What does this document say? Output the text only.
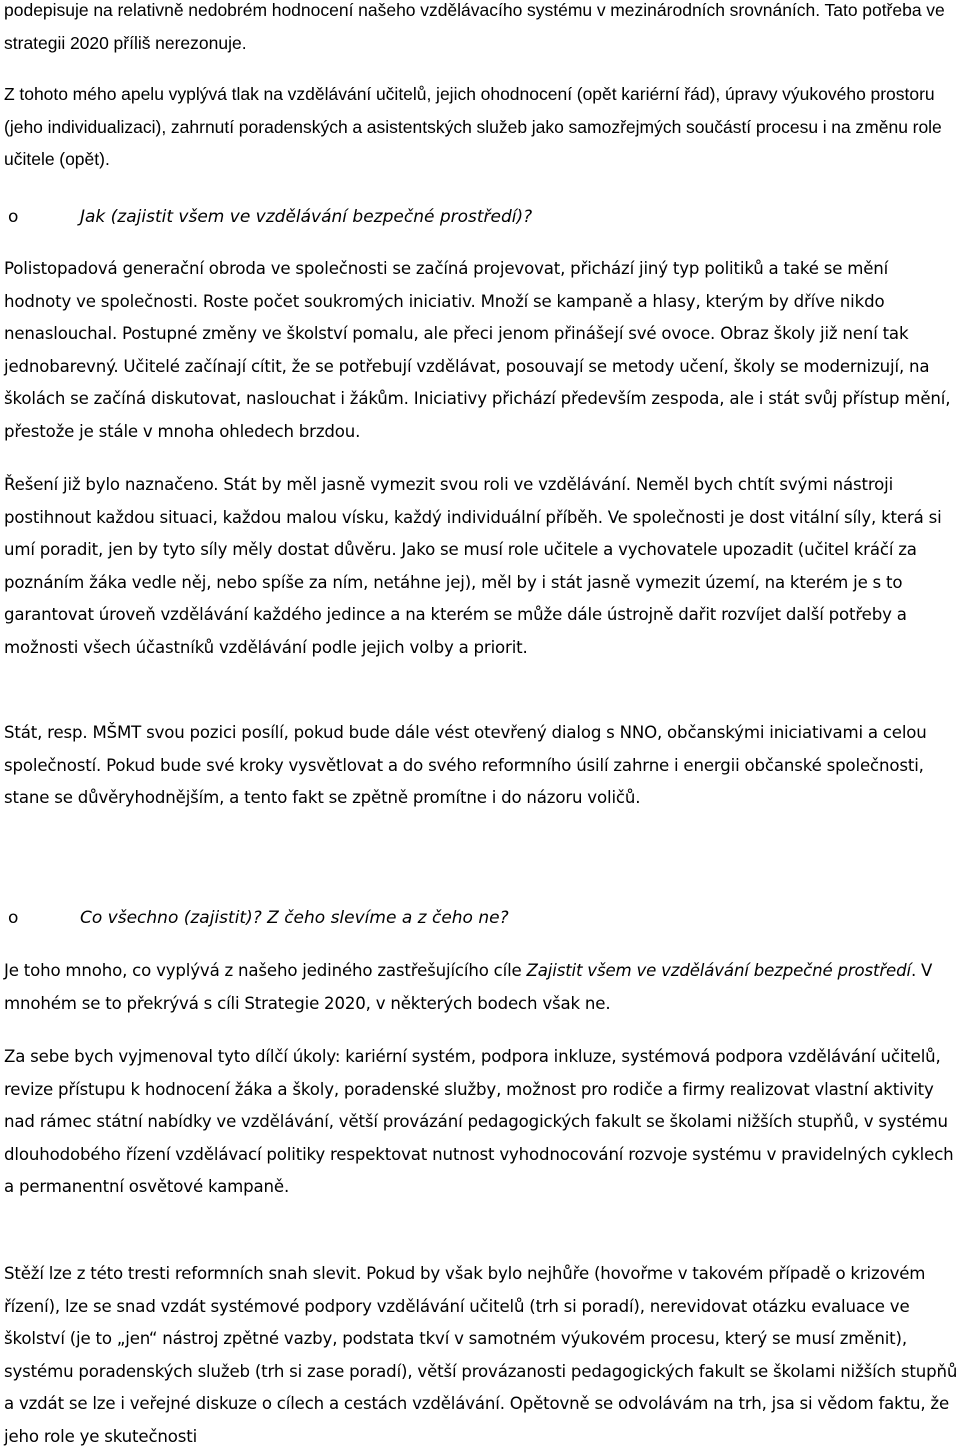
podepisuje na relativně nedobrém hodnocení našeho vzdělávacího systému v mezinárodních srovnáních. Tato potřeba ve strategii 2020 příliš nerezonuje.

Z tohoto mého apelu vyplývá tlak na vzdělávání učitelů, jejich ohodnocení (opět kariérní řád), úpravy výukového prostoru (jeho individualizaci), zahrnutí poradenských a asistentských služeb jako samozřejmých součástí procesu i na změnu role učitele (opět).

o	Jak (zajistit všem ve vzdělávání bezpečné prostředí)?

Polistopadová generační obroda ve společnosti se začíná projevovat, přichází jiný typ politiků a také se mění hodnoty ve společnosti. Roste počet soukromých iniciativ. Množí se kampaně a hlasy, kterým by dříve nikdo nenaslouchal. Postupné změny ve školství pomalu, ale přeci jenom přinášejí své ovoce. Obraz školy již není tak jednobarevný. Učitelé začínají cítit, že se potřebují vzdělávat, posouvají se metody učení, školy se modernizují, na školách se začíná diskutovat, naslouchat i žákům. Iniciativy přichází především zespoda, ale i stát svůj přístup mění, přestože je stále v mnoha ohledech brzdou.

Řešení již bylo naznačeno. Stát by měl jasně vymezit svou roli ve vzdělávání. Neměl bych chtít svými nástroji postihnout každou situaci, každou malou vísku, každý individuální příběh. Ve společnosti je dost vitální síly, která si umí poradit, jen by tyto síly měly dostat důvěru. Jako se musí role učitele a vychovatele upozadit (učitel kráčí za poznáním žáka vedle něj, nebo spíše za ním, netáhne jej), měl by i stát jasně vymezit území, na kterém je s to garantovat úroveň vzdělávání každého jedince a na kterém se může dále ústrojně dařit rozvíjet další potřeby a možnosti všech účastníků vzdělávání podle jejich volby a priorit.

Stát, resp. MŠMT svou pozici posílí, pokud bude dále vést otevřený dialog s NNO, občanskými iniciativami a celou společností. Pokud bude své kroky vysvětlovat a do svého reformního úsilí zahrne i energii občanské společnosti, stane se důvěryhodnějším, a tento fakt se zpětně promítne i do názoru voličů.

o	Co všechno (zajistit)? Z čeho slevíme a z čeho ne?

Je toho mnoho, co vyplývá z našeho jediného zastřešujícího cíle Zajistit všem ve vzdělávání bezpečné prostředí. V mnohém se to překrývá s cíli Strategie 2020, v některých bodech však ne.

Za sebe bych vyjmenoval tyto dílčí úkoly: kariérní systém, podpora inkluze, systémová podpora vzdělávání učitelů, revize přístupu k hodnocení žáka a školy, poradenské služby, možnost pro rodiče a firmy realizovat vlastní aktivity nad rámec státní nabídky ve vzdělávání, větší provázání pedagogických fakult se školami nižších stupňů, v systému dlouhodobého řízení vzdělávací politiky respektovat nutnost vyhodnocování rozvoje systému v pravidelných cyklech a permanentní osvětové kampaně.

Stěží lze z této tresti reformních snah slevit. Pokud by však bylo nejhůře (hovořme v takovém případě o krizovém řízení), lze se snad vzdát systémové podpory vzdělávání učitelů (trh si poradí), nerevidovat otázku evaluace ve školství (je to „jen“ nástroj zpětné vazby, podstata tkví v samotném výukovém procesu, který se musí změnit), systému poradenských služeb (trh si zase poradí), větší provázanosti pedagogických fakult se školami nižších stupňů a vzdát se lze i veřejné diskuze o cílech a cestách vzdělávání. Opětovně se odvolávám na trh, jsa si vědom faktu, že jeho role ye skutečnosti
